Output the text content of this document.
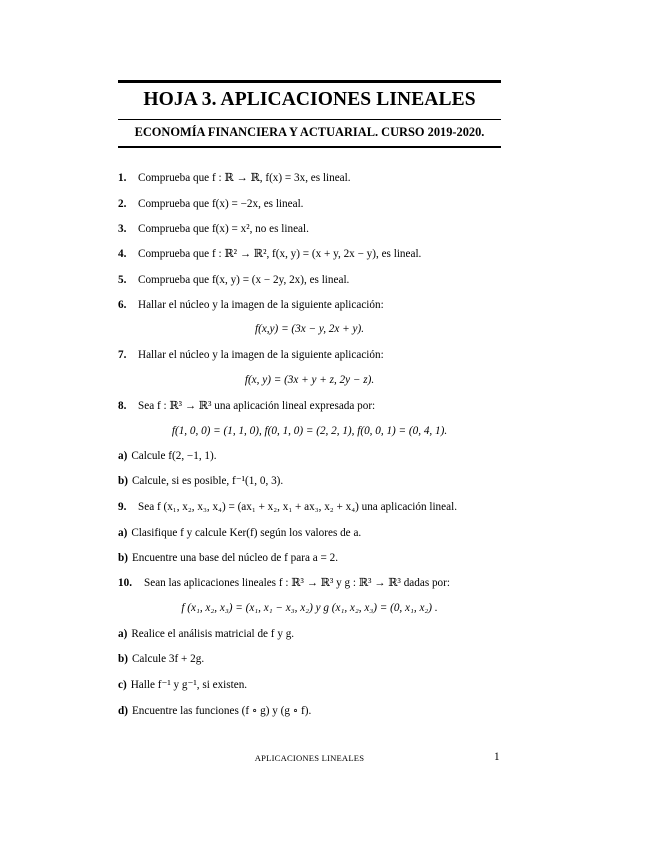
HOJA 3. APLICACIONES LINEALES
ECONOMÍA FINANCIERA Y ACTUARIAL. CURSO 2019-2020.
1. Comprueba que f : ℝ → ℝ, f(x) = 3x, es lineal.
2. Comprueba que f(x) = −2x, es lineal.
3. Comprueba que f(x) = x², no es lineal.
4. Comprueba que f : ℝ² → ℝ², f(x, y) = (x + y, 2x − y), es lineal.
5. Comprueba que f(x, y) = (x − 2y, 2x), es lineal.
6. Hallar el núcleo y la imagen de la siguiente aplicación:
f(x,y) = (3x − y, 2x + y).
7. Hallar el núcleo y la imagen de la siguiente aplicación:
f(x, y) = (3x + y + z, 2y − z).
8. Sea f : ℝ³ → ℝ³ una aplicación lineal expresada por:
f(1, 0, 0) = (1, 1, 0), f(0, 1, 0) = (2, 2, 1), f(0, 0, 1) = (0, 4, 1).
a) Calcule f(2, −1, 1).
b) Calcule, si es posible, f⁻¹(1, 0, 3).
9. Sea f (x₁, x₂, x₃, x₄) = (ax₁ + x₂, x₁ + ax₃, x₂ + x₄) una aplicación lineal.
a) Clasifique f y calcule Ker(f) según los valores de a.
b) Encuentre una base del núcleo de f para a = 2.
10. Sean las aplicaciones lineales f : ℝ³ → ℝ³ y g : ℝ³ → ℝ³ dadas por:
f (x₁, x₂, x₃) = (x₁, x₁ − x₃, x₂) y g (x₁, x₂, x₃) = (0, x₁, x₂) .
a) Realice el análisis matricial de f y g.
b) Calcule 3f + 2g.
c) Halle f⁻¹ y g⁻¹, si existen.
d) Encuentre las funciones (f ∘ g) y (g ∘ f).
APLICACIONES LINEALES	1
